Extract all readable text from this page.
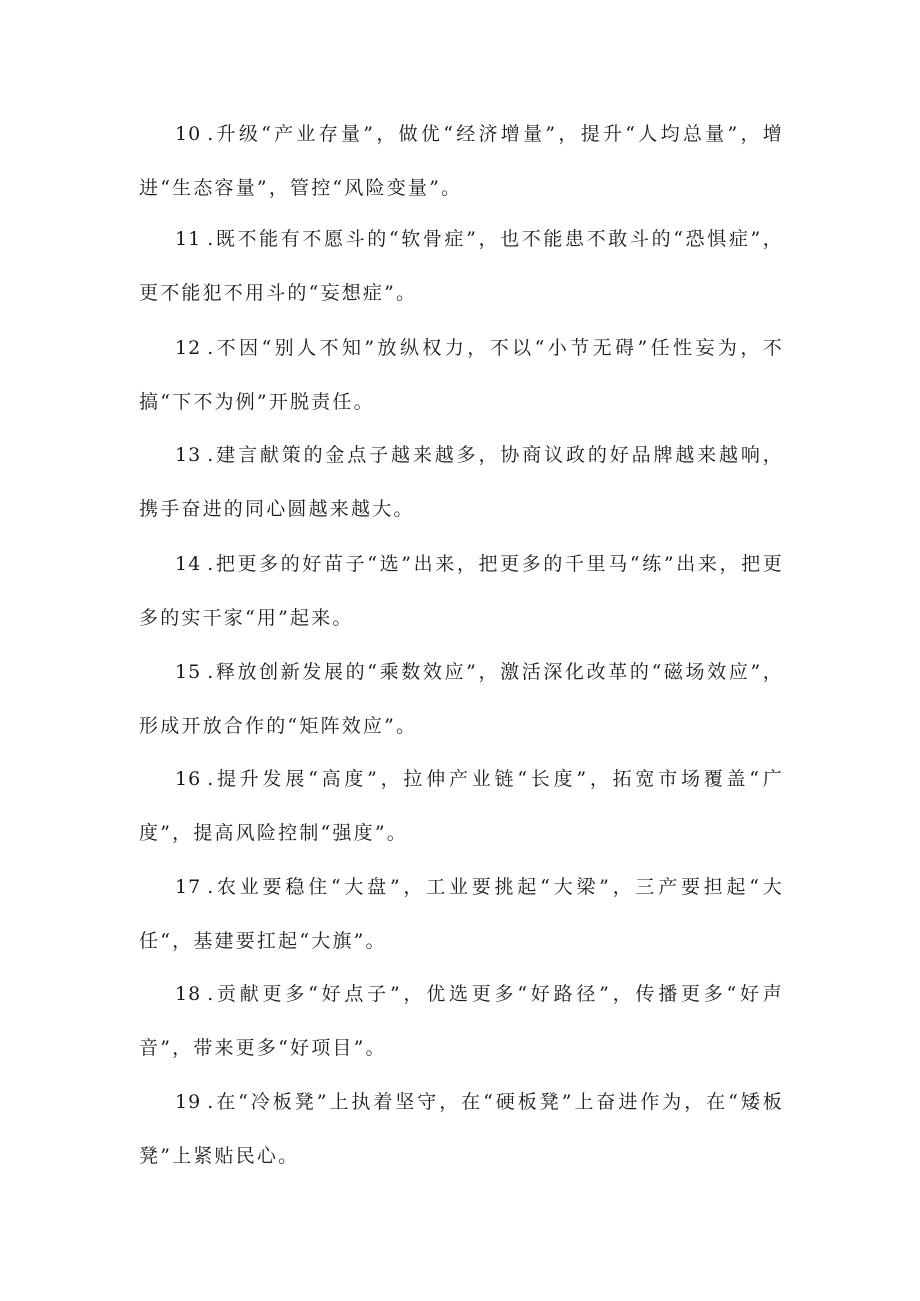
10 .升级“产业存量”，做优“经济增量”，提升“人均总量”，增进“生态容量”，管控“风险变量”。

11 .既不能有不愿斗的“软骨症”，也不能患不敢斗的“恐惧症”，更不能犯不用斗的“妄想症”。

12 .不因“别人不知”放纵权力，不以“小节无碍”任性妄为，不搞“下不为例”开脱责任。

13 .建言献策的金点子越来越多，协商议政的好品牌越来越响，携手奋进的同心圆越来越大。

14 .把更多的好苗子“选”出来，把更多的千里马“练”出来，把更多的实干家“用”起来。

15 .释放创新发展的“乘数效应”，激活深化改革的“磁场效应”，形成开放合作的“矩阵效应”。

16 .提升发展“高度”，拉伸产业链“长度”，拓宽市场覆盖“广度”，提高风险控制“强度”。

17 .农业要稳住“大盘”，工业要挑起“大梁”，三产要担起“大任“，基建要扛起“大旗”。

18 .贡献更多“好点子”，优选更多“好路径”，传播更多“好声音”，带来更多“好项目”。

19 .在“冷板凳”上执着坚守，在“硬板凳”上奋进作为，在“矮板凳”上紧贴民心。
